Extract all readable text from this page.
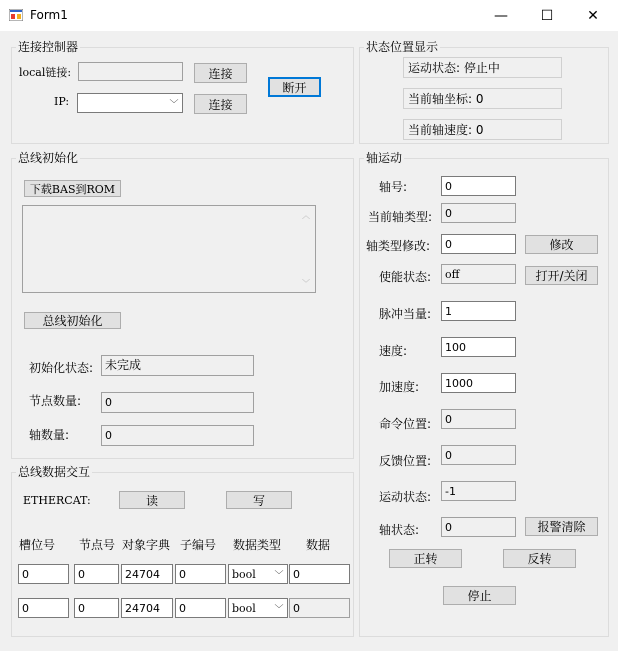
Form1	— ☐ ✕
连接控制器
local链接:	连接
IP:	﹀	连接
断开
状态位置显示
运动状态: 停止中
当前轴坐标: 0
当前轴速度: 0
总线初始化
下载BAS到ROM
︿
﹀
总线初始化
初始化状态: 未完成
节点数量:	0
轴数量:	0
总线数据交互
ETHERCAT:	读	写
槽位号 节点号 对象字典 子编号 数据类型 数据
0	0	24704	0	bool	﹀ 0
0	0	24704	0	bool	﹀ 0
轴运动
轴号:	0
当前轴类型:	0
轴类型修改:	0	修改
使能状态:	off	打开/关闭
脉冲当量:	1
速度:	100
加速度:	1000
命令位置:	0
反馈位置:	0
运动状态:	-1
轴状态:	0	报警清除
正转	反转
停止
